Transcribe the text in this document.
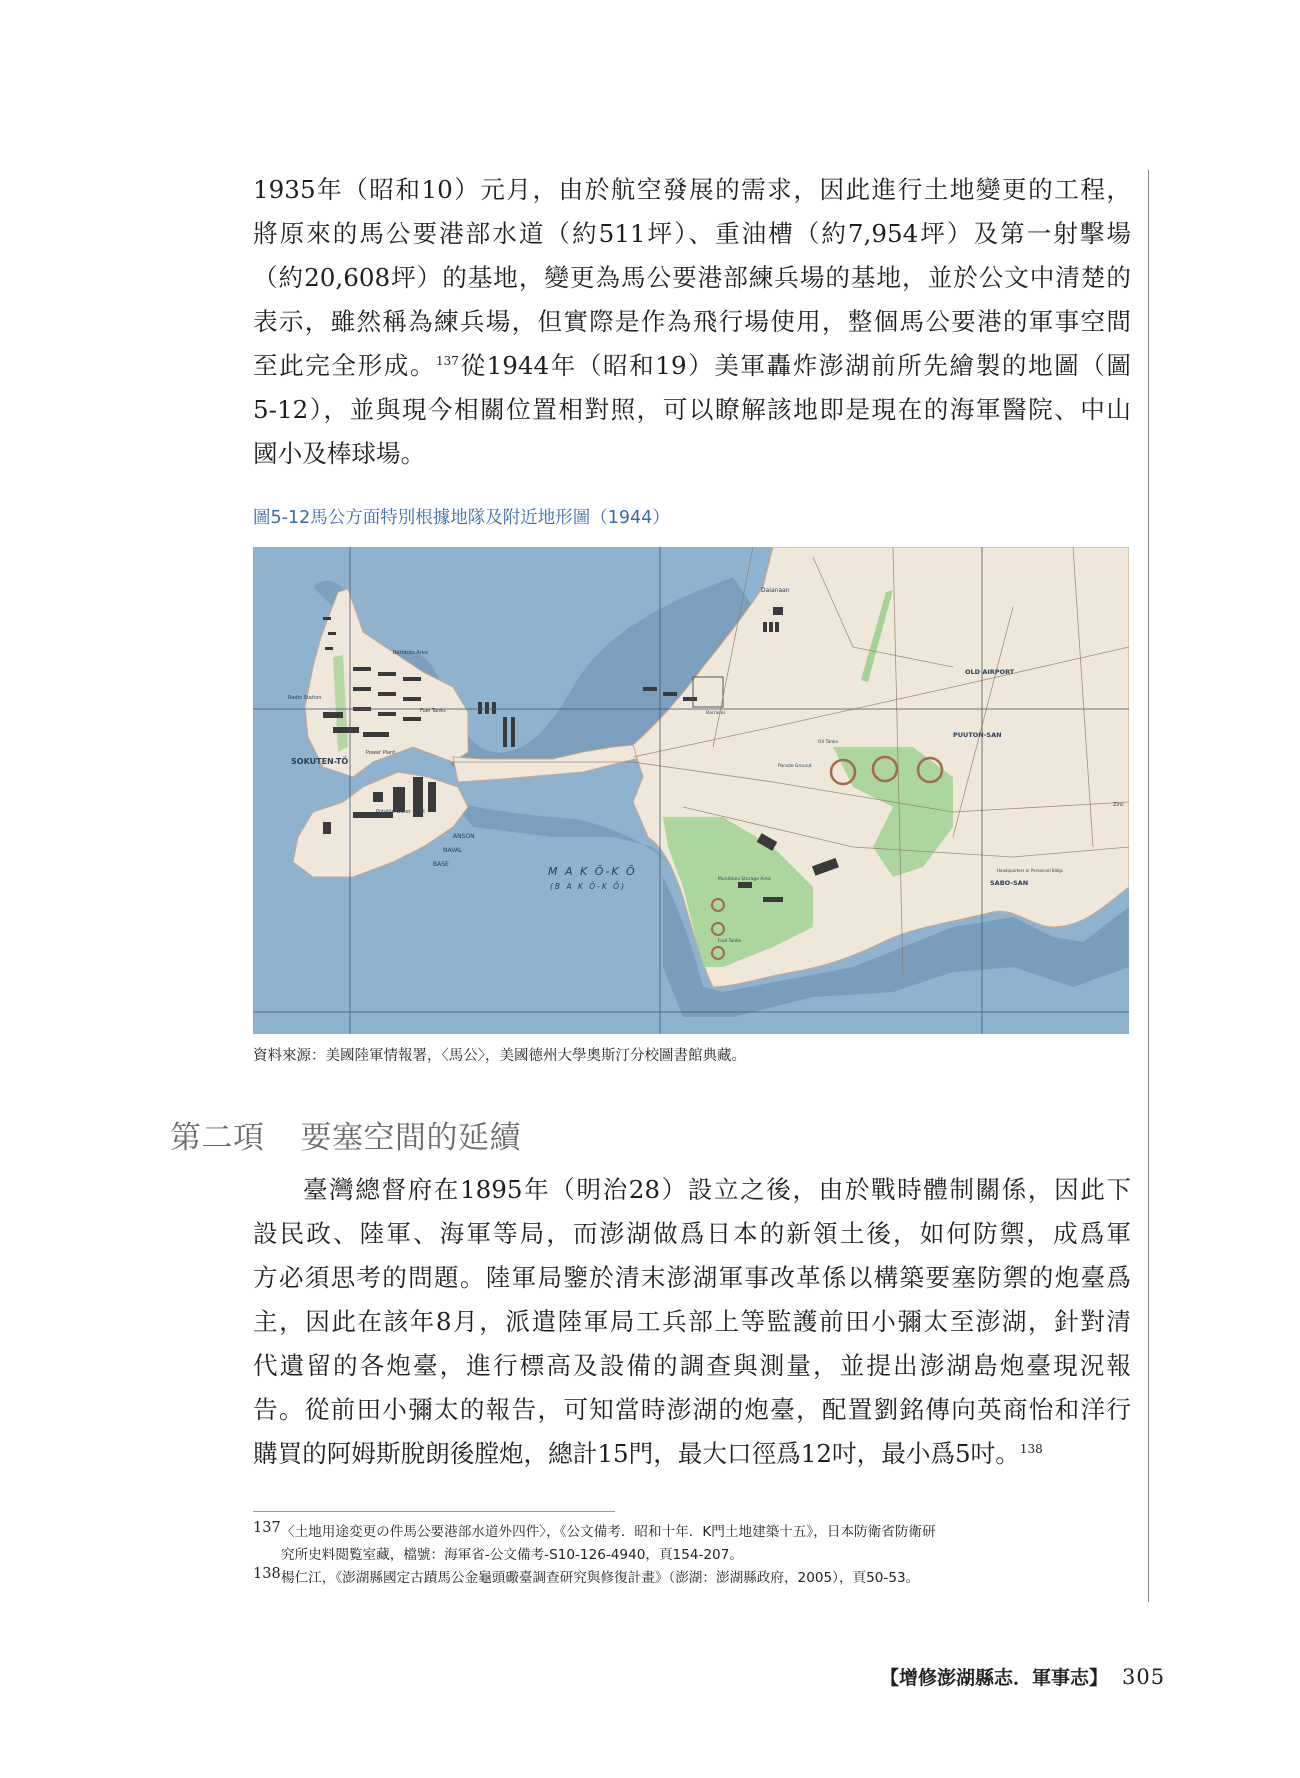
1935年（昭和10）元月，由於航空發展的需求，因此進行土地變更的工程，
將原來的馬公要港部水道（約511坪）、重油槽（約7,954坪）及第一射擊場
（約20,608坪）的基地，變更為馬公要港部練兵場的基地，並於公文中清楚的
表示，雖然稱為練兵場，但實際是作為飛行場使用，整個馬公要港的軍事空間
至此完全形成。$^{137}$從1944年（昭和19）美軍轟炸澎湖前所先繪製的地圖（圖
5-12），並與現今相關位置相對照，可以瞭解該地即是現在的海軍醫院、中山
國小及棒球場。
圖5-12馬公方面特別根據地隊及附近地形圖（1944）
SOKUTEN-TÖ
M A K Ō-K Ō
(B A K Ō-K Ō)
ANSON
NAVAL
BASE
Potable Water Plant
Radio Station
Barracks Area
Power Plant
Fuel Tanks
OLD AIRPORT
PUUTON-SAN
SABO-SAN
Daianaan
Oil Tanks
Fuel Tanks
Barracks
Parade Ground
Munitions Storage Area
Headquarters or Personnel Bldgs
Zinc
資料來源：美國陸軍情報署，〈馬公〉，美國德州大學奧斯汀分校圖書館典藏。
第二項 要塞空間的延續
臺灣總督府在1895年（明治28）設立之後，由於戰時體制關係，因此下
設民政、陸軍、海軍等局，而澎湖做爲日本的新領土後，如何防禦，成爲軍
方必須思考的問題。陸軍局鑒於清末澎湖軍事改革係以構築要塞防禦的炮臺爲
主，因此在該年8月，派遣陸軍局工兵部上等監護前田小彌太至澎湖，針對清
代遺留的各炮臺，進行標高及設備的調查與測量，並提出澎湖島炮臺現況報
告。從前田小彌太的報告，可知當時澎湖的炮臺，配置劉銘傳向英商怡和洋行
購買的阿姆斯脫朗後膛炮，總計15門，最大口徑爲12吋，最小爲5吋。$^{138}$
137 〈土地用途変更の件馬公要港部水道外四件〉，《公文備考．昭和十年．K門土地建築十五》，日本防衛省防衛研
究所史料閲覧室藏，檔號：海軍省-公文備考-S10-126-4940，頁154-207。
138 楊仁江，《澎湖縣國定古蹟馬公金龜頭礮臺調查研究與修復計畫》（澎湖：澎湖縣政府，2005），頁50-53。
【增修澎湖縣志．軍事志】 305
